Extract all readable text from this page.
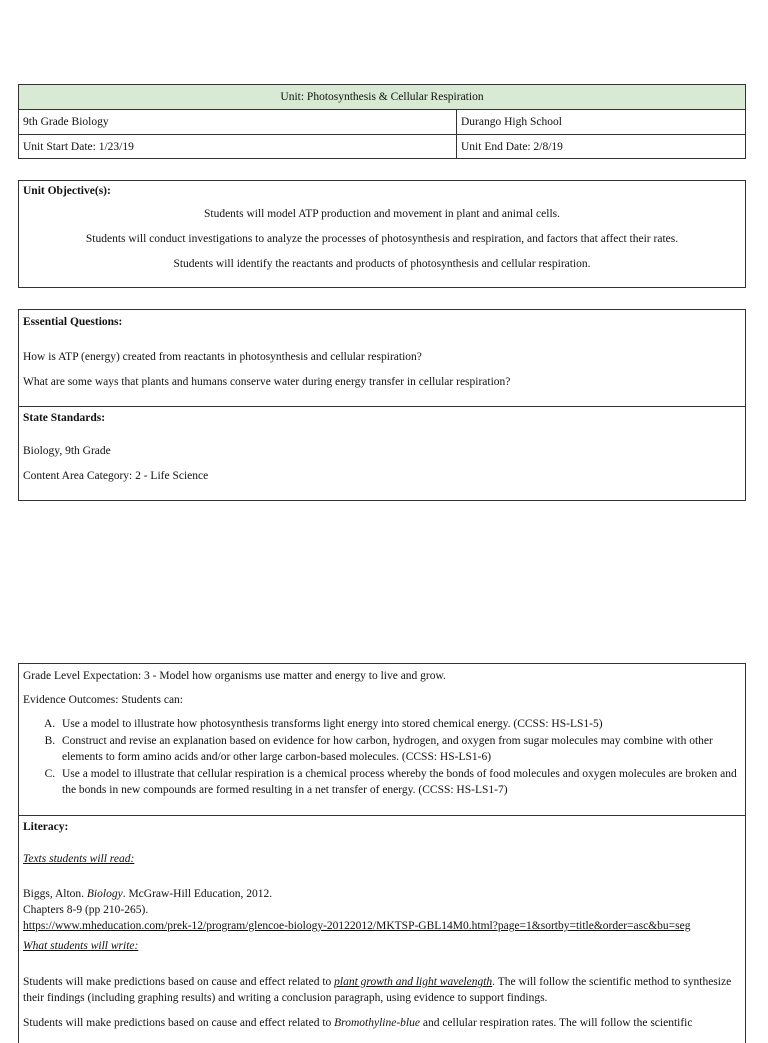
Unit: Photosynthesis & Cellular Respiration
9th Grade Biology	Durango High School
Unit Start Date: 1/23/19	Unit End Date: 2/8/19
Unit Objective(s):
Students will model ATP production and movement in plant and animal cells.
Students will conduct investigations to analyze the processes of photosynthesis and respiration, and factors that affect their rates.
Students will identify the reactants and products of photosynthesis and cellular respiration.
Essential Questions:
How is ATP (energy) created from reactants in photosynthesis and cellular respiration?
What are some ways that plants and humans conserve water during energy transfer in cellular respiration?
State Standards:
Biology, 9th Grade
Content Area Category: 2 - Life Science
Grade Level Expectation: 3 - Model how organisms use matter and energy to live and grow.
Evidence Outcomes: Students can:
A. Use a model to illustrate how photosynthesis transforms light energy into stored chemical energy. (CCSS: HS-LS1-5)
B. Construct and revise an explanation based on evidence for how carbon, hydrogen, and oxygen from sugar molecules may combine with other elements to form amino acids and/or other large carbon-based molecules. (CCSS: HS-LS1-6)
C. Use a model to illustrate that cellular respiration is a chemical process whereby the bonds of food molecules and oxygen molecules are broken and the bonds in new compounds are formed resulting in a net transfer of energy. (CCSS: HS-LS1-7)
Literacy:
Texts students will read:
Biggs, Alton. Biology. McGraw-Hill Education, 2012.
Chapters 8-9 (pp 210-265).
https://www.mheducation.com/prek-12/program/glencoe-biology-20122012/MKTSP-GBL14M0.html?page=1&sortby=title&order=asc&bu=seg
What students will write:
Students will make predictions based on cause and effect related to plant growth and light wavelength. The will follow the scientific method to synthesize their findings (including graphing results) and writing a conclusion paragraph, using evidence to support findings.
Students will make predictions based on cause and effect related to Bromothyline-blue and cellular respiration rates. The will follow the scientific
